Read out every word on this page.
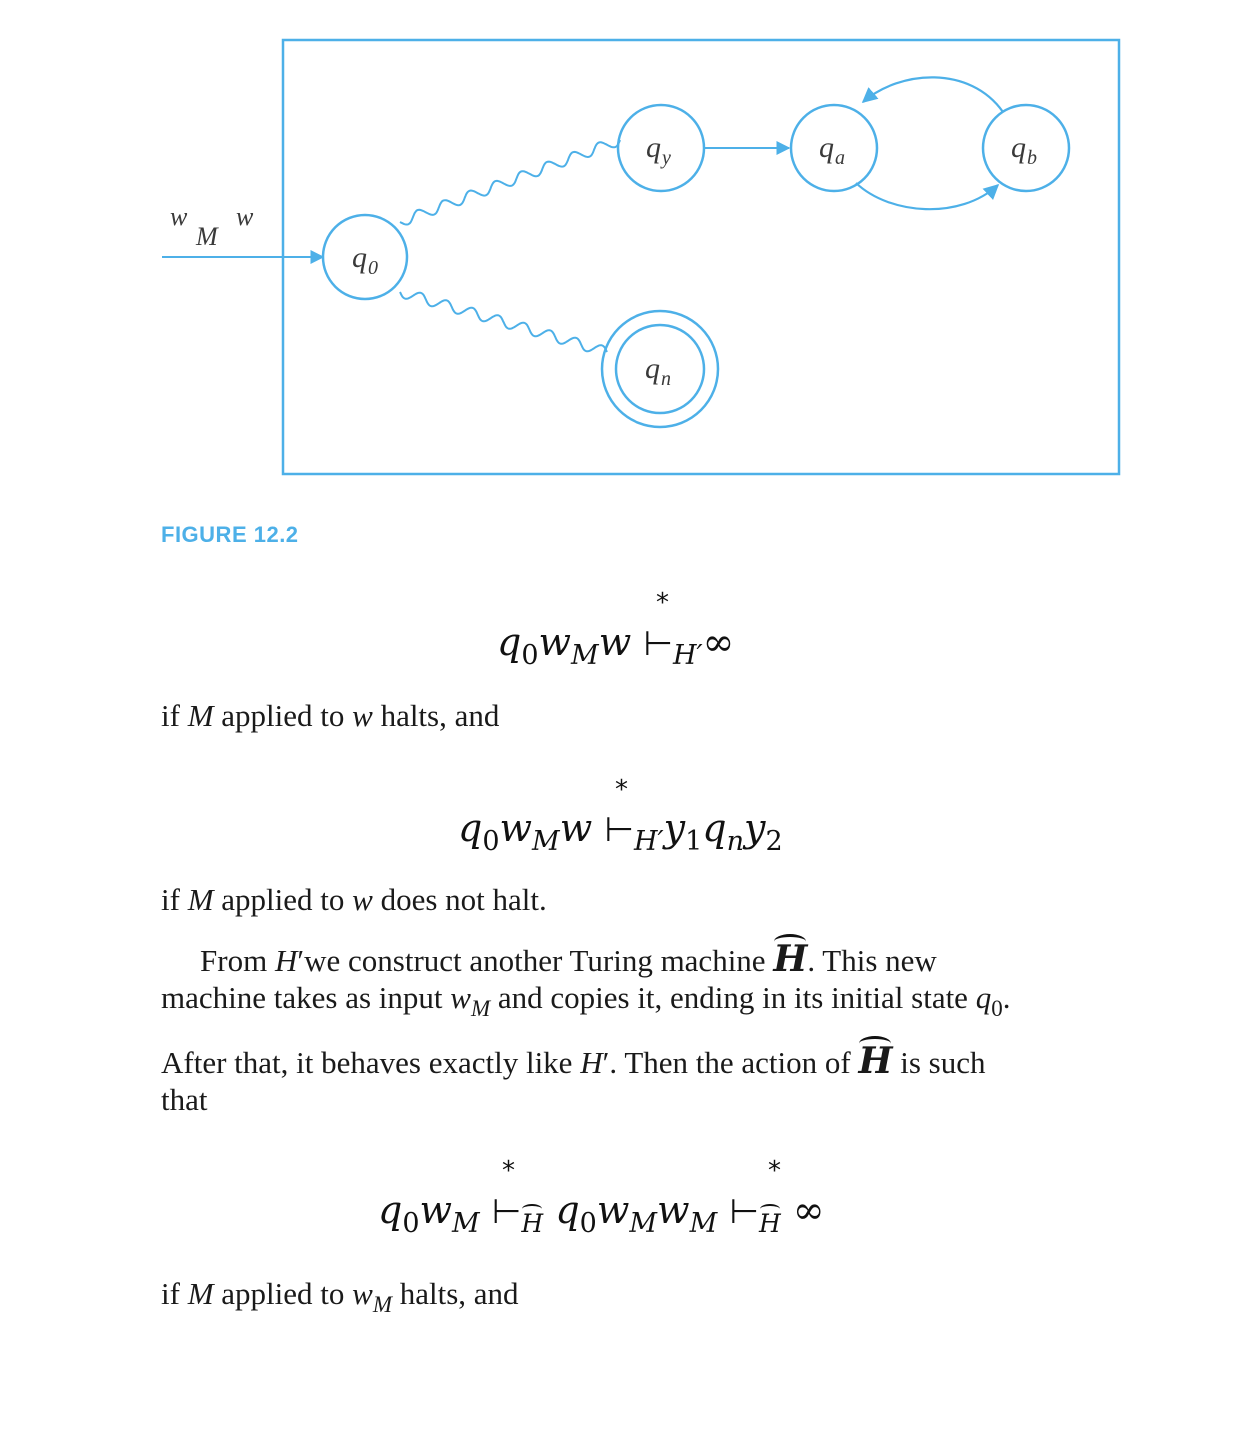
w
M
w
q 0
q y
q n
q a	q b
FIGURE 12.2
*
$q_0w_Mw$ $⊢_{H'}\infty$
if M applied to w halts, and
*
$q_0w_Mw$ $⊢_{H'}y_1q_ny_2$
if M applied to w does not halt.
From H′we construct another Turing machine H. This new
machine takes as input $w_M$ and copies it, ending in its initial state $q_0$.
After that, it behaves exactly like H′. Then the action of H is such
that
*	*
$q_0w_M$ $⊢_H$ $q_0w_Mw_M$ $⊢_H$ ∞
if M applied to $w_M$ halts, and
